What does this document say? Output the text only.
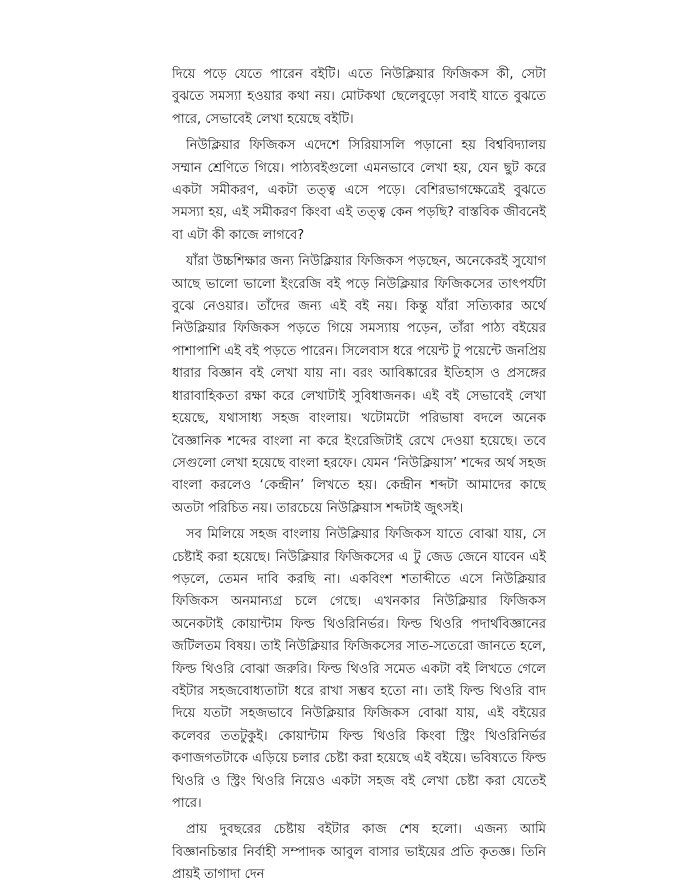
দিয়ে পড়ে যেতে পারেন বইটি। এতে নিউক্লিয়ার ফিজিকস কী, সেটা বুঝতে সমস্যা হওয়ার কথা নয়। মোটকথা ছেলেবুড়ো সবাই যাতে বুঝতে পারে, সেভাবেই লেখা হয়েছে বইটি।

নিউক্লিয়ার ফিজিকস এদেশে সিরিয়াসলি পড়ানো হয় বিশ্ববিদ্যালয় সম্মান শ্রেণিতে গিয়ে। পাঠ্যবইগুলো এমনভাবে লেখা হয়, যেন ছুট করে একটা সমীকরণ, একটা তত্ত্ব এসে পড়ে। বেশিরভাগক্ষেত্রেই বুঝতে সমস্যা হয়, এই সমীকরণ কিংবা এই তত্ত্ব কেন পড়ছি? বাস্তবিক জীবনেই বা এটা কী কাজে লাগবে?

যাঁরা উচ্চশিক্ষার জন্য নিউক্লিয়ার ফিজিকস পড়ছেন, অনেকেরই সুযোগ আছে ভালো ভালো ইংরেজি বই পড়ে নিউক্লিয়ার ফিজিকসের তাৎপর্যটা বুঝে নেওয়ার। তাঁদের জন্য এই বই নয়। কিন্তু যাঁরা সত্যিকার অর্থে নিউক্লিয়ার ফিজিকস পড়তে গিয়ে সমস্যায় পড়েন, তাঁরা পাঠ্য বইয়ের পাশাপাশি এই বই পড়তে পারেন। সিলেবাস ধরে পয়েন্ট টু পয়েন্টে জনপ্রিয় ধারার বিজ্ঞান বই লেখা যায় না। বরং আবিষ্কারের ইতিহাস ও প্রসঙ্গের ধারাবাহিকতা রক্ষা করে লেখাটাই সুবিধাজনক। এই বই সেভাবেই লেখা হয়েছে, যথাসাধ্য সহজ বাংলায়। খটোমটো পরিভাষা বদলে অনেক বৈজ্ঞানিক শব্দের বাংলা না করে ইংরেজিটাই রেখে দেওয়া হয়েছে। তবে সেগুলো লেখা হয়েছে বাংলা হরফে। যেমন ‘নিউক্লিয়াস’ শব্দের অর্থ সহজ বাংলা করলেও ‘কেন্দ্রীন’ লিখতে হয়। কেন্দ্রীন শব্দটা আমাদের কাছে অতটা পরিচিত নয়। তারচেয়ে নিউক্লিয়াস শব্দটাই জুৎসই।

সব মিলিয়ে সহজ বাংলায় নিউক্লিয়ার ফিজিকস যাতে বোঝা যায়, সে চেষ্টাই করা হয়েছে। নিউক্লিয়ার ফিজিকসের এ টু জেড জেনে যাবেন এই পড়লে, তেমন দাবি করছি না। একবিংশ শতাব্দীতে এসে নিউক্লিয়ার ফিজিকস অনমান্যগ্র চলে গেছে। এখনকার নিউক্লিয়ার ফিজিকস অনেকটাই কোয়ান্টাম ফিল্ড থিওরিনির্ভর। ফিল্ড থিওরি পদার্থবিজ্ঞানের জটিলতম বিষয়। তাই নিউক্লিয়ার ফিজিকসের সাত-সতেরো জানতে হলে, ফিল্ড থিওরি বোঝা জরুরি। ফিল্ড থিওরি সমেত একটা বই লিখতে গেলে বইটার সহজবোধ্যতাটা ধরে রাখা সম্ভব হতো না। তাই ফিল্ড থিওরি বাদ দিয়ে যতটা সহজভাবে নিউক্লিয়ার ফিজিকস বোঝা যায়, এই বইয়ের কলেবর ততটুকুই। কোয়ান্টাম ফিল্ড থিওরি কিংবা স্ট্রিং থিওরিনির্ভর কণাজগতটাকে এড়িয়ে চলার চেষ্টা করা হয়েছে এই বইয়ে। ভবিষ্যতে ফিল্ড থিওরি ও স্ট্রিং থিওরি নিয়েও একটা সহজ বই লেখা চেষ্টা করা যেতেই পারে।

প্রায় দুবছরের চেষ্টায় বইটার কাজ শেষ হলো। এজন্য আমি বিজ্ঞানচিন্তার নির্বাহী সম্পাদক আবুল বাসার ভাইয়ের প্রতি কৃতজ্ঞ। তিনি প্রায়ই তাগাদা দেন
